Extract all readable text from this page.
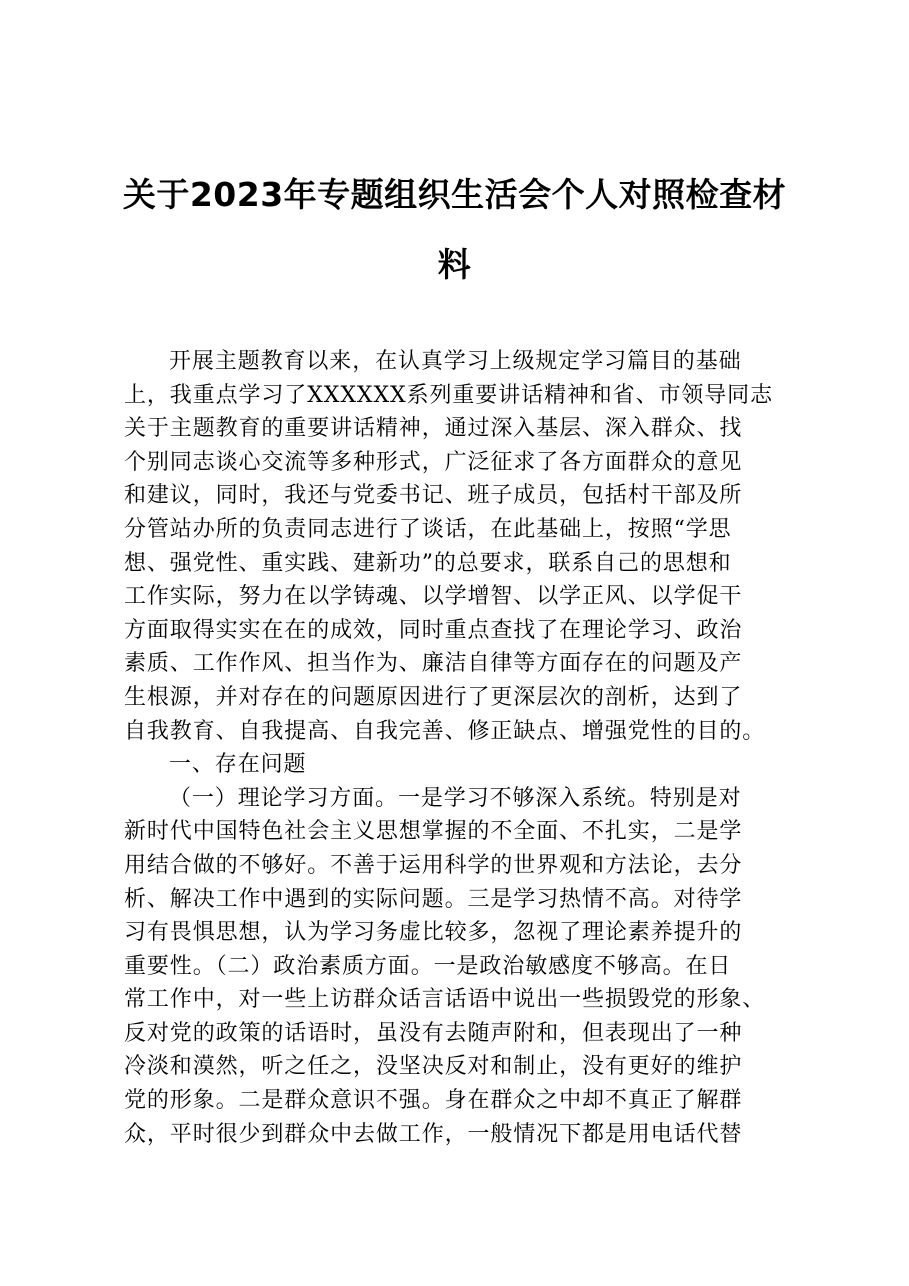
关于2023年专题组织生活会个人对照检查材
料
开展主题教育以来，在认真学习上级规定学习篇目的基础
上，我重点学习了XXXXXX系列重要讲话精神和省、市领导同志
关于主题教育的重要讲话精神，通过深入基层、深入群众、找
个别同志谈心交流等多种形式，广泛征求了各方面群众的意见
和建议，同时，我还与党委书记、班子成员，包括村干部及所
分管站办所的负责同志进行了谈话，在此基础上，按照“学思
想、强党性、重实践、建新功”的总要求，联系自己的思想和
工作实际，努力在以学铸魂、以学增智、以学正风、以学促干
方面取得实实在在的成效，同时重点查找了在理论学习、政治
素质、工作作风、担当作为、廉洁自律等方面存在的问题及产
生根源，并对存在的问题原因进行了更深层次的剖析，达到了
自我教育、自我提高、自我完善、修正缺点、增强党性的目的。
一、存在问题
（一）理论学习方面。一是学习不够深入系统。特别是对
新时代中国特色社会主义思想掌握的不全面、不扎实，二是学
用结合做的不够好。不善于运用科学的世界观和方法论，去分
析、解决工作中遇到的实际问题。三是学习热情不高。对待学
习有畏惧思想，认为学习务虚比较多，忽视了理论素养提升的
重要性。（二）政治素质方面。一是政治敏感度不够高。在日
常工作中，对一些上访群众话言话语中说出一些损毁党的形象、
反对党的政策的话语时，虽没有去随声附和，但表现出了一种
冷淡和漠然，听之任之，没坚决反对和制止，没有更好的维护
党的形象。二是群众意识不强。身在群众之中却不真正了解群
众，平时很少到群众中去做工作，一般情况下都是用电话代替
